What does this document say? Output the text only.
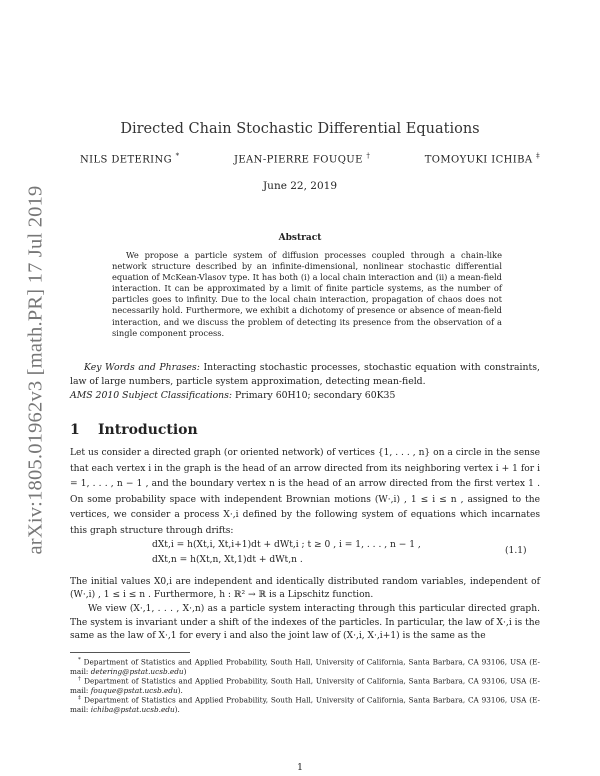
arXiv:1805.01962v3 [math.PR] 17 Jul 2019
Directed Chain Stochastic Differential Equations
NILS DETERING *	JEAN-PIERRE FOUQUE †	TOMOYUKI ICHIBA ‡
June 22, 2019
Abstract
We propose a particle system of diffusion processes coupled through a chain-like network structure described by an infinite-dimensional, nonlinear stochastic differential equation of McKean-Vlasov type. It has both (i) a local chain interaction and (ii) a mean-field interaction. It can be approximated by a limit of finite particle systems, as the number of particles goes to infinity. Due to the local chain interaction, propagation of chaos does not necessarily hold. Furthermore, we exhibit a dichotomy of presence or absence of mean-field interaction, and we discuss the problem of detecting its presence from the observation of a single component process.
Key Words and Phrases: Interacting stochastic processes, stochastic equation with constraints, law of large numbers, particle system approximation, detecting mean-field.
AMS 2010 Subject Classifications: Primary 60H10; secondary 60K35
1 Introduction
Let us consider a directed graph (or oriented network) of vertices {1, . . . , n} on a circle in the sense that each vertex i in the graph is the head of an arrow directed from its neighboring vertex i + 1 for i = 1, . . . , n − 1 , and the boundary vertex n is the head of an arrow directed from the first vertex 1 . On some probability space with independent Brownian motions (W·,i) , 1 ≤ i ≤ n , assigned to the vertices, we consider a process X·,i defined by the following system of equations which incarnates this graph structure through drifts:
dXt,i = h(Xt,i, Xt,i+1)dt + dWt,i ; t ≥ 0 , i = 1, . . . , n − 1 ,
dXt,n = h(Xt,n, Xt,1)dt + dWt,n .
(1.1)
The initial values X0,i are independent and identically distributed random variables, independent of (W·,i) , 1 ≤ i ≤ n . Furthermore, h : ℝ² → ℝ is a Lipschitz function.
We view (X·,1, . . . , X·,n) as a particle system interacting through this particular directed graph. The system is invariant under a shift of the indexes of the particles. In particular, the law of X·,i is the same as the law of X·,1 for every i and also the joint law of (X·,i, X·,i+1) is the same as the
* Department of Statistics and Applied Probability, South Hall, University of California, Santa Barbara, CA 93106, USA (E-mail: detering@pstat.ucsb.edu)
† Department of Statistics and Applied Probability, South Hall, University of California, Santa Barbara, CA 93106, USA (E-mail: fouque@pstat.ucsb.edu).
‡ Department of Statistics and Applied Probability, South Hall, University of California, Santa Barbara, CA 93106, USA (E-mail: ichiba@pstat.ucsb.edu).
1
